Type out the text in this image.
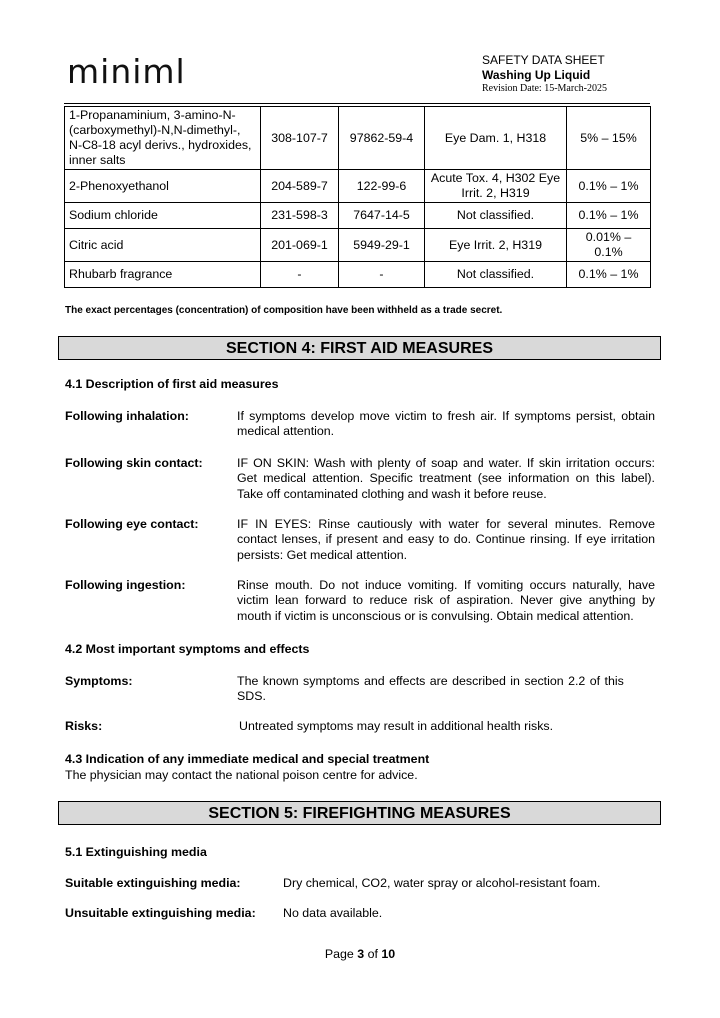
miniml	SAFETY DATA SHEET
Washing Up Liquid
Revision Date: 15-March-2025
1-Propanaminium, 3-amino-N-(carboxymethyl)-N,N-dimethyl-, N-C8-18 acyl derivs., hydroxides, inner salts	308-107-7	97862-59-4	Eye Dam. 1, H318	5% – 15%
2-Phenoxyethanol	204-589-7	122-99-6	Acute Tox. 4, H302 Eye Irrit. 2, H319	0.1% – 1%
Sodium chloride	231-598-3	7647-14-5	Not classified.	0.1% – 1%
Citric acid	201-069-1	5949-29-1	Eye Irrit. 2, H319	0.01% – 0.1%
Rhubarb fragrance	-	-	Not classified.	0.1% – 1%
The exact percentages (concentration) of composition have been withheld as a trade secret.
SECTION 4: FIRST AID MEASURES
4.1 Description of first aid measures
Following inhalation:	If symptoms develop move victim to fresh air. If symptoms persist, obtain medical attention.
Following skin contact:	IF ON SKIN: Wash with plenty of soap and water. If skin irritation occurs: Get medical attention. Specific treatment (see information on this label). Take off contaminated clothing and wash it before reuse.
Following eye contact:	IF IN EYES: Rinse cautiously with water for several minutes. Remove contact lenses, if present and easy to do. Continue rinsing. If eye irritation persists: Get medical attention.
Following ingestion:	Rinse mouth. Do not induce vomiting. If vomiting occurs naturally, have victim lean forward to reduce risk of aspiration. Never give anything by mouth if victim is unconscious or is convulsing. Obtain medical attention.
4.2 Most important symptoms and effects
Symptoms:	The known symptoms and effects are described in section 2.2 of this SDS.
Risks:	Untreated symptoms may result in additional health risks.
4.3 Indication of any immediate medical and special treatment
The physician may contact the national poison centre for advice.
SECTION 5: FIREFIGHTING MEASURES
5.1 Extinguishing media
Suitable extinguishing media:	Dry chemical, CO2, water spray or alcohol-resistant foam.
Unsuitable extinguishing media: No data available.
Page 3 of 10
